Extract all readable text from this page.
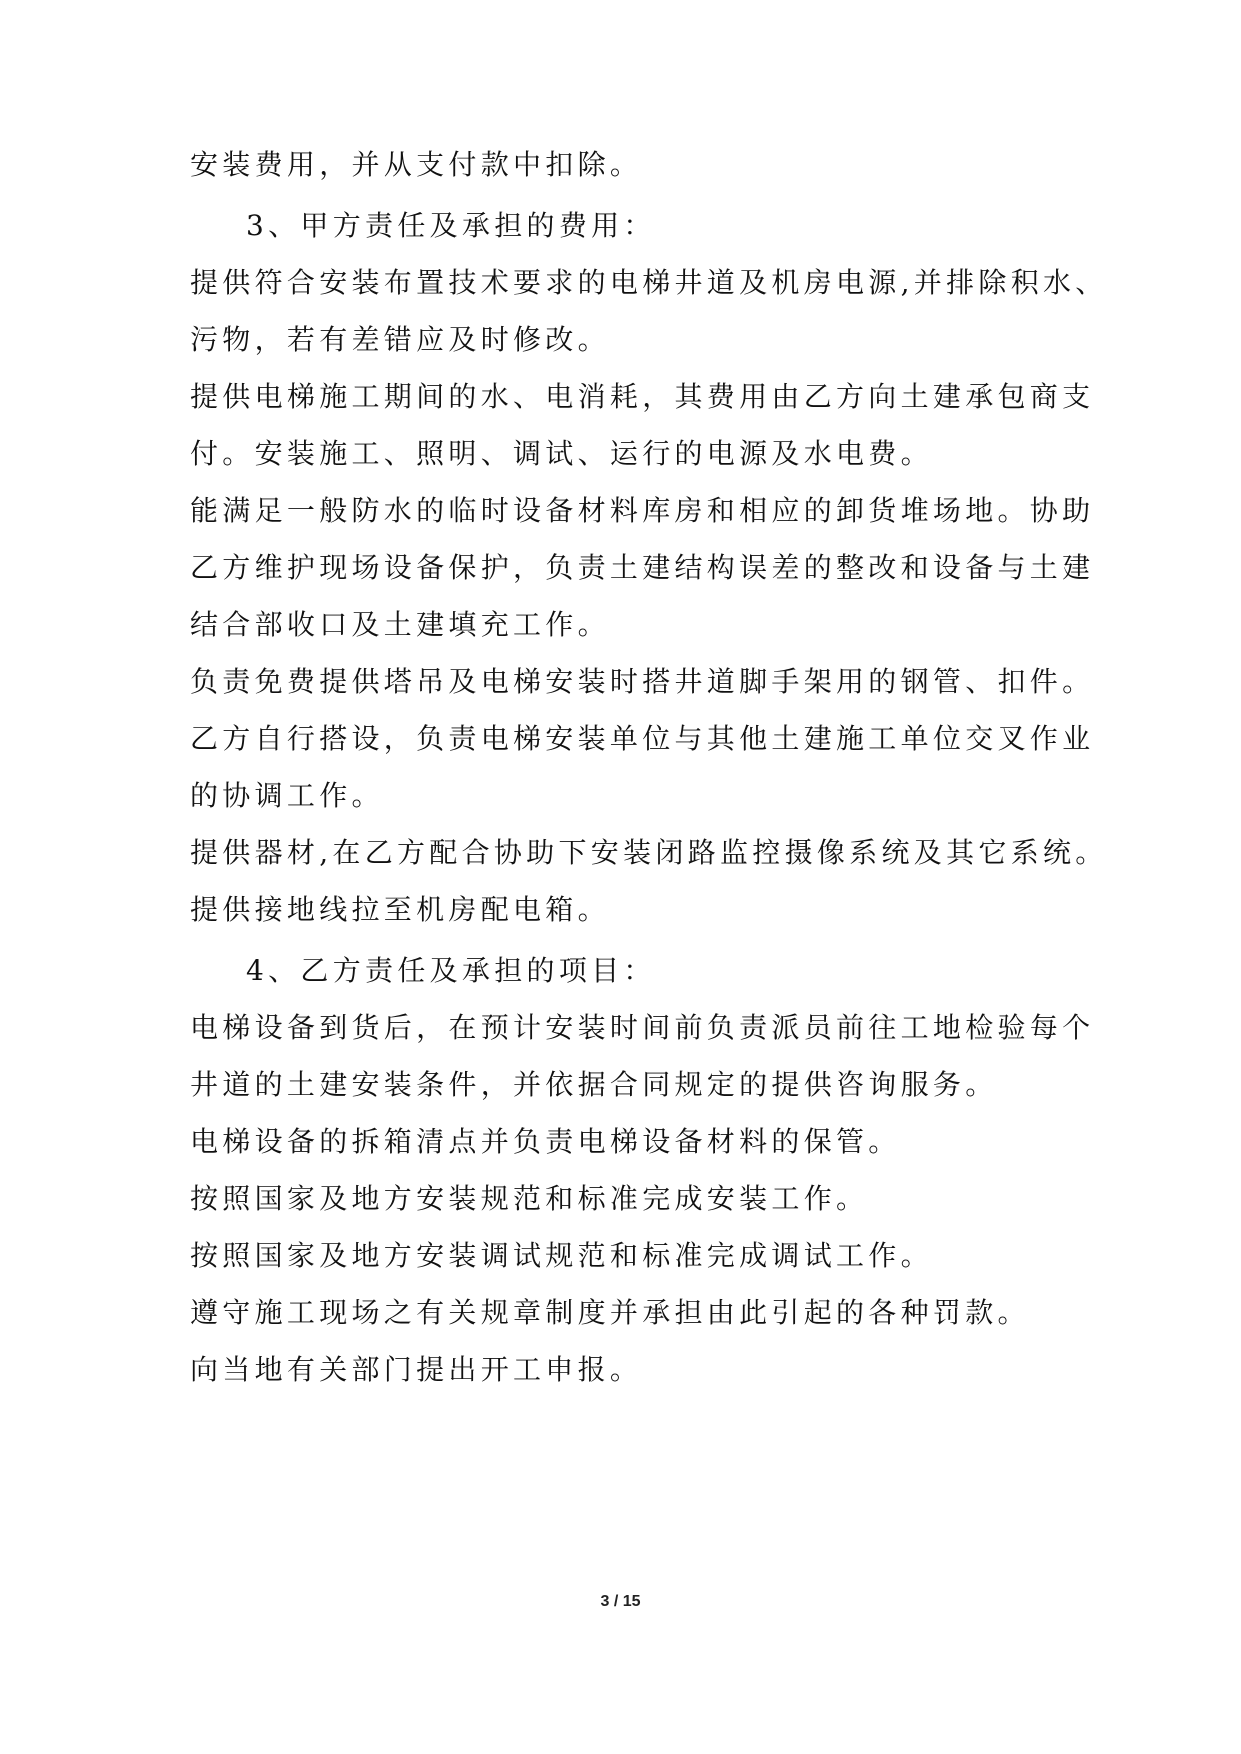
安装费用，并从支付款中扣除。
3、甲方责任及承担的费用：
提供符合安装布置技术要求的电梯井道及机房电源,并排除积水、
污物，若有差错应及时修改。
提供电梯施工期间的水、电消耗，其费用由乙方向土建承包商支
付。安装施工、照明、调试、运行的电源及水电费。
能满足一般防水的临时设备材料库房和相应的卸货堆场地。协助
乙方维护现场设备保护，负责土建结构误差的整改和设备与土建
结合部收口及土建填充工作。
负责免费提供塔吊及电梯安装时搭井道脚手架用的钢管、扣件。
乙方自行搭设，负责电梯安装单位与其他土建施工单位交叉作业
的协调工作。
提供器材,在乙方配合协助下安装闭路监控摄像系统及其它系统。
提供接地线拉至机房配电箱。
4、乙方责任及承担的项目：
电梯设备到货后，在预计安装时间前负责派员前往工地检验每个
井道的土建安装条件，并依据合同规定的提供咨询服务。
电梯设备的拆箱清点并负责电梯设备材料的保管。
按照国家及地方安装规范和标准完成安装工作。
按照国家及地方安装调试规范和标准完成调试工作。
遵守施工现场之有关规章制度并承担由此引起的各种罚款。
向当地有关部门提出开工申报。
3 / 15
